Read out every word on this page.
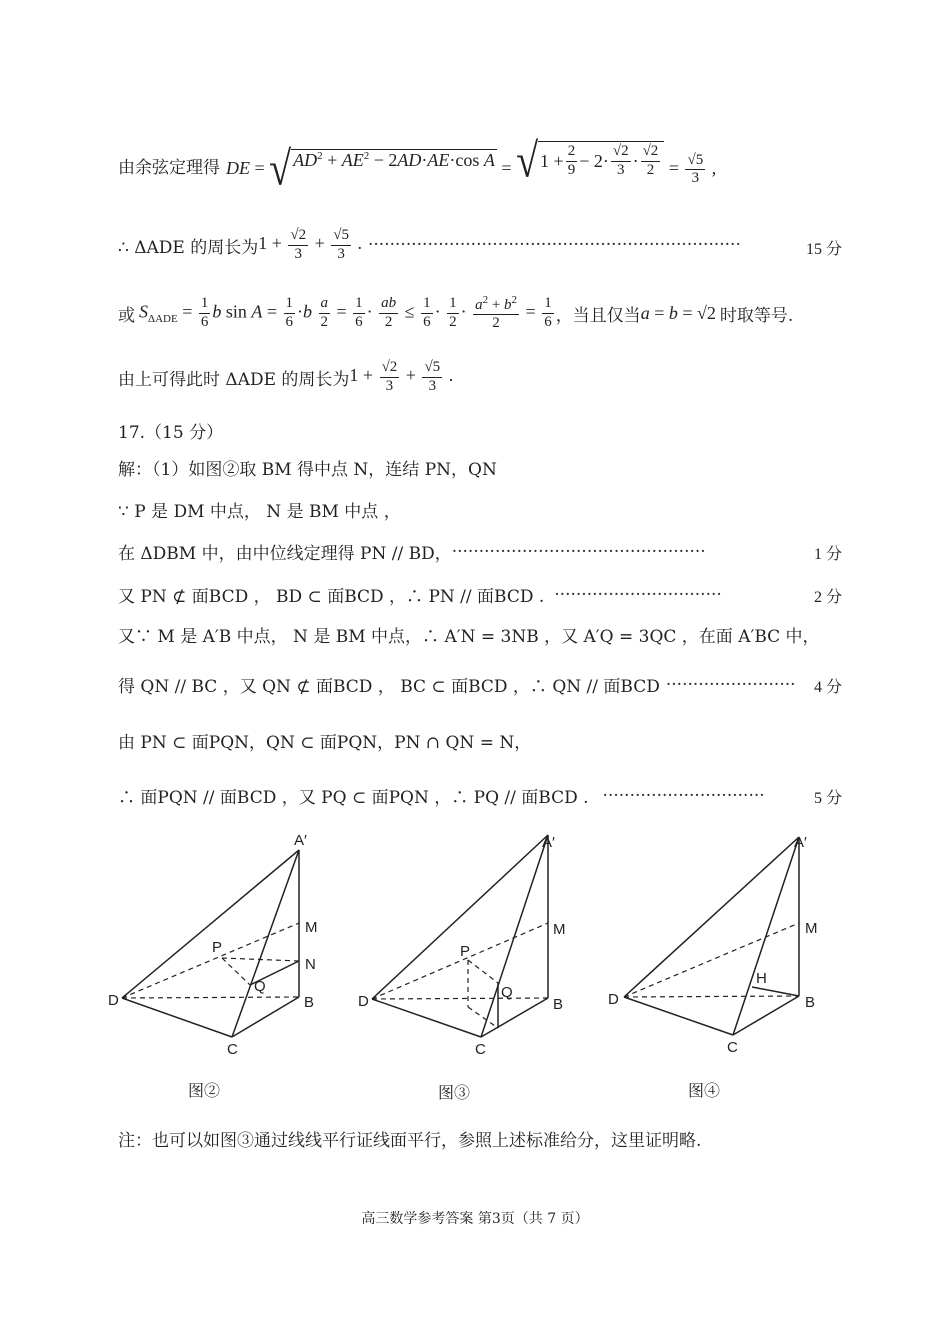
由余弦定理得 DE = √ $AD^2 + AE^2 - 2AD\cdot AE\cdot\cos$ A = √ $1 + \frac{2}{9} - 2\cdot \frac{√2}{3} \cdot \frac{√2}{2} = \frac{√5}{3}$ ,
∴ ΔADE 的周长为 $1 + \frac{√2}{3} + \frac{√5}{3}$ . ·····································································	15 分
或 $S_{\Delta ADE} = \frac{1}{6}$ b $\sin A = \frac{1}{6} \cdot b \frac{a}{2} = \frac{1}{6} \cdot \frac{ab}{2} \le \frac{1}{6} \cdot \frac{1}{2} \cdot \frac{a^2 + b^2}{2} = \frac{1}{6}$ ，当且仅当 a = b = √2 时取等号.
由上可得此时 ΔADE 的周长为 $1 + \frac{√2}{3} + \frac{√5}{3}$ .
17.（15 分）
解：（1）如图②取 BM 得中点 N，连结 PN，QN
∵ P 是 DM 中点， N 是 BM 中点 ，
在 ΔDBM 中，由中位线定理得 PN // BD， ···············································	1 分
又 PN ⊄ 面BCD ， BD ⊂ 面BCD ，∴ PN // 面BCD . ·······························	2 分
又∵ M 是 A′B 中点， N 是 BM 中点，∴ A′N = 3NB ，又 A′Q = 3QC ，在面 A′BC 中，
得 QN // BC ，又 QN ⊄ 面BCD ， BC ⊂ 面BCD ，∴ QN // 面BCD ························ 4 分
由 PN ⊂ 面PQN，QN ⊂ 面PQN，PN ∩ QN = N，
∴ 面PQN // 面BCD ，又 PQ ⊂ 面PQN ，∴ PQ // 面BCD . ······························	5 分
A′
M
N
P
Q
D	B
C
图②
A′
M
P
Q
D	B
C
图③
A′
M
H
D	B
C
图④
注：也可以如图③通过线线平行证线面平行，参照上述标准给分，这里证明略.
高三数学参考答案 第3页（共 7 页）
